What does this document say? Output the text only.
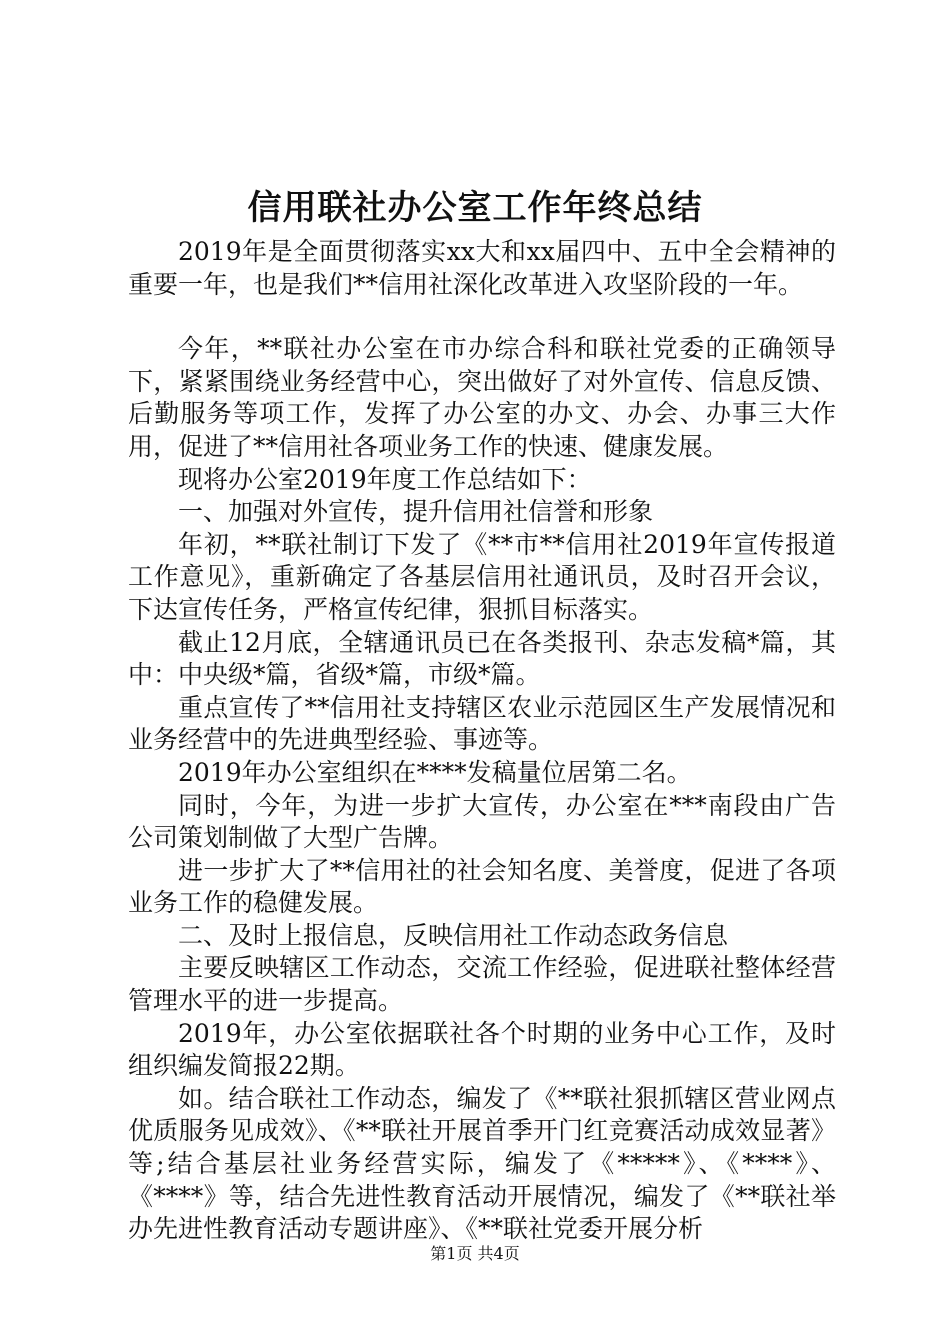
信用联社办公室工作年终总结

2019年是全面贯彻落实xx大和xx届四中、五中全会精神的重要一年，也是我们**信用社深化改革进入攻坚阶段的一年。

今年，**联社办公室在市办综合科和联社党委的正确领导下，紧紧围绕业务经营中心，突出做好了对外宣传、信息反馈、后勤服务等项工作，发挥了办公室的办文、办会、办事三大作用，促进了**信用社各项业务工作的快速、健康发展。

现将办公室2019年度工作总结如下：

一、加强对外宣传，提升信用社信誉和形象

年初，**联社制订下发了《**市**信用社2019年宣传报道工作意见》，重新确定了各基层信用社通讯员，及时召开会议，下达宣传任务，严格宣传纪律，狠抓目标落实。

截止12月底，全辖通讯员已在各类报刊、杂志发稿*篇，其中：中央级*篇，省级*篇，市级*篇。

重点宣传了**信用社支持辖区农业示范园区生产发展情况和业务经营中的先进典型经验、事迹等。

2019年办公室组织在****发稿量位居第二名。

同时，今年，为进一步扩大宣传，办公室在***南段由广告公司策划制做了大型广告牌。

进一步扩大了**信用社的社会知名度、美誉度，促进了各项业务工作的稳健发展。

二、及时上报信息，反映信用社工作动态政务信息

主要反映辖区工作动态，交流工作经验，促进联社整体经营管理水平的进一步提高。

2019年，办公室依据联社各个时期的业务中心工作，及时组织编发简报22期。

如。结合联社工作动态，编发了《**联社狠抓辖区营业网点优质服务见成效》、《**联社开展首季开门红竞赛活动成效显著》等;结合基层社业务经营实际，编发了《*****》、《****》、《****》等，结合先进性教育活动开展情况，编发了《**联社举办先进性教育活动专题讲座》、《**联社党委开展分析

第1页 共4页
